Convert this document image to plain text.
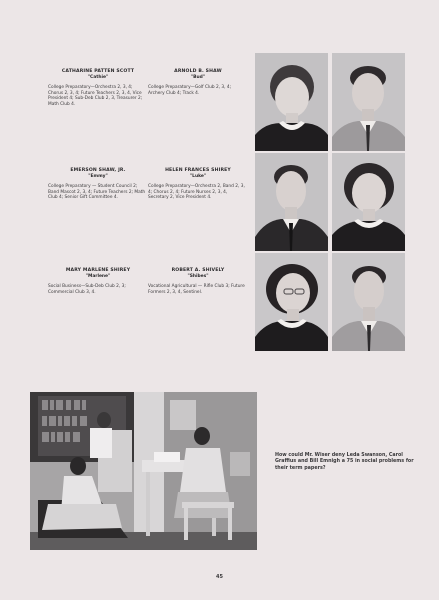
CATHARINE PATTEN SCOTT
"Cathie"
College Preparatory—Orchestra 2, 3, 4; Chorus 2, 3, 4; Future Teachers 2, 3, 4, Vice President 4; Sub-Deb Club 2, 3, Treasurer 2; Math Club 4.
ARNOLD B. SHAW
"Bud"
College Preparatory—Golf Club 2, 3, 4; Archery Club 4; Track 4.
EMERSON SHAW, JR.
"Emmy"
College Preparatory — Student Council 2; Band Mascot 2, 3, 4; Future Teachers 2; Math Club 4; Senior Gift Committee 4.
HELEN FRANCES SHIREY
"Luke"
College Preparatory—Orchestra 2, Band 2, 3, 4; Chorus 2, 4; Future Nurses 2, 3, 4, Secretary 2, Vice President 4.
MARY MARLENE SHIREY
"Marlene"
Social Business—Sub-Deb Club 2, 3; Commercial Club 3, 4.
ROBERT A. SHIVELY
"Shibes"
Vocational Agricultural — Rifle Club 3; Future Formers 2, 3, 4, Sentinel.
How could Mr. Wiser deny Leda Swanson, Carol Graffius and Bill Emnigh a 75 in social problems for their term papers?
45
